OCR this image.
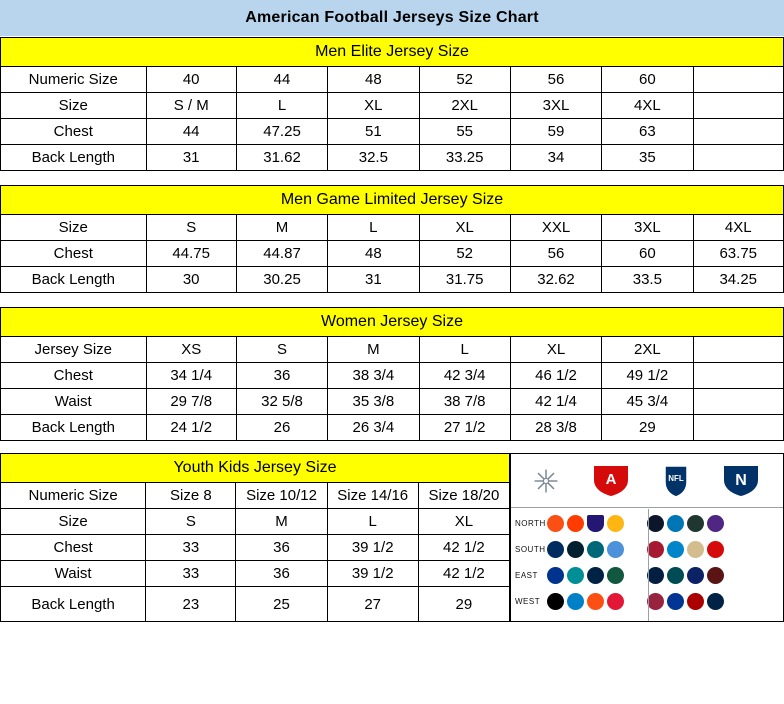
American Football Jerseys Size Chart
Men Elite Jersey Size							
Numeric Size	40	44	48	52	56	60	
Size	S / M	L	XL	2XL	3XL	4XL	
Chest	44	47.25	51	55	59	63	
Back Length	31	31.62	32.5	33.25	34	35	
Men Game Limited Jersey Size							
Size	S	M	L	XL	XXL	3XL	4XL
Chest	44.75	44.87	48	52	56	60	63.75
Back Length	30	30.25	31	31.75	32.62	33.5	34.25
Women Jersey Size							
Jersey Size	XS	S	M	L	XL	2XL	
Chest	34 1/4	36	38 3/4	42 3/4	46 1/2	49 1/2	
Waist	29 7/8	32 5/8	35 3/8	38 7/8	42 1/4	45 3/4	
Back Length	24 1/2	26	26 3/4	27 1/2	28 3/8	29	
Youth Kids Jersey Size				
Numeric Size	Size 8	Size 10/12	Size 14/16	Size 18/20
Size	S	M	L	XL
Chest	33	36	39 1/2	42 1/2
Waist	33	36	39 1/2	42 1/2
Back Length	23	25	27	29
A	NFL	N
NORTH
SOUTH
EAST
WEST
